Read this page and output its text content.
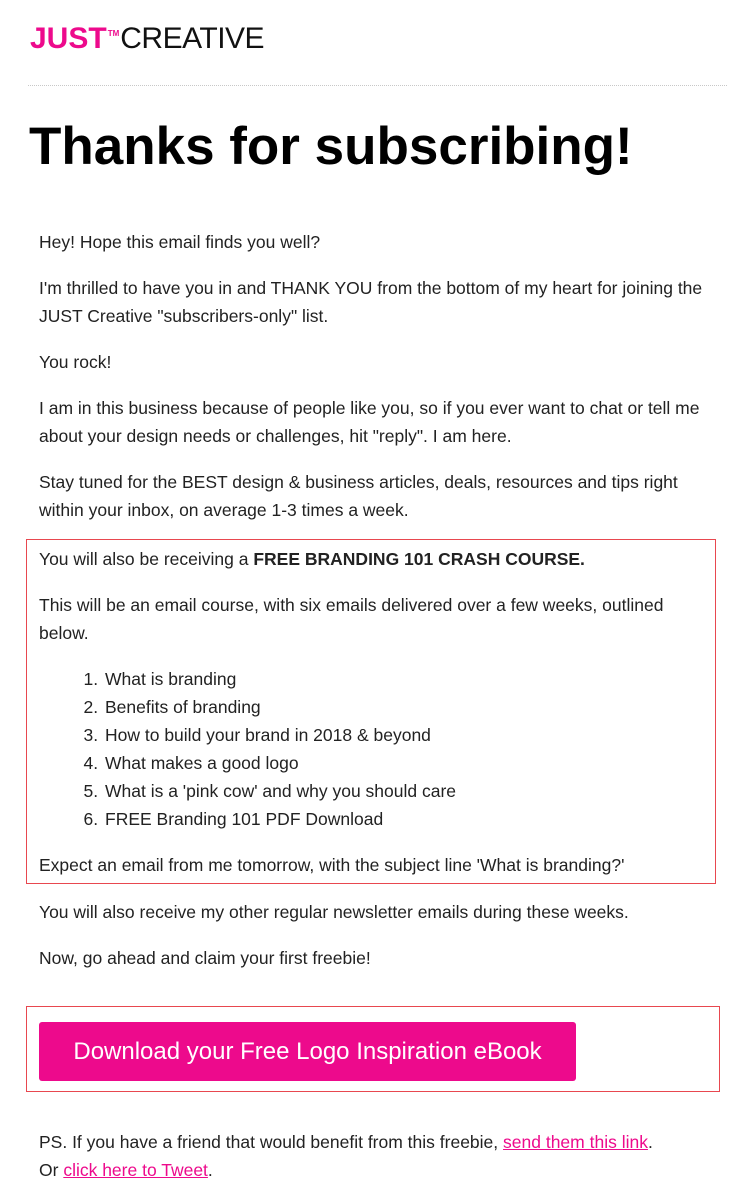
JUST TM CREATIVE
Thanks for subscribing!

Hey! Hope this email finds you well?

I'm thrilled to have you in and THANK YOU from the bottom of my heart for joining the JUST Creative "subscribers-only" list.

You rock!

I am in this business because of people like you, so if you ever want to chat or tell me about your design needs or challenges, hit "reply". I am here.

Stay tuned for the BEST design & business articles, deals, resources and tips right within your inbox, on average 1-3 times a week.

You will also be receiving a FREE BRANDING 101 CRASH COURSE.

This will be an email course, with six emails delivered over a few weeks, outlined below.

1. What is branding
2. Benefits of branding
3. How to build your brand in 2018 & beyond
4. What makes a good logo
5. What is a 'pink cow' and why you should care
6. FREE Branding 101 PDF Download

Expect an email from me tomorrow, with the subject line 'What is branding?'

You will also receive my other regular newsletter emails during these weeks.

Now, go ahead and claim your first freebie!

Download your Free Logo Inspiration eBook
PS. If you have a friend that would benefit from this freebie, send them this link.
Or click here to Tweet.
